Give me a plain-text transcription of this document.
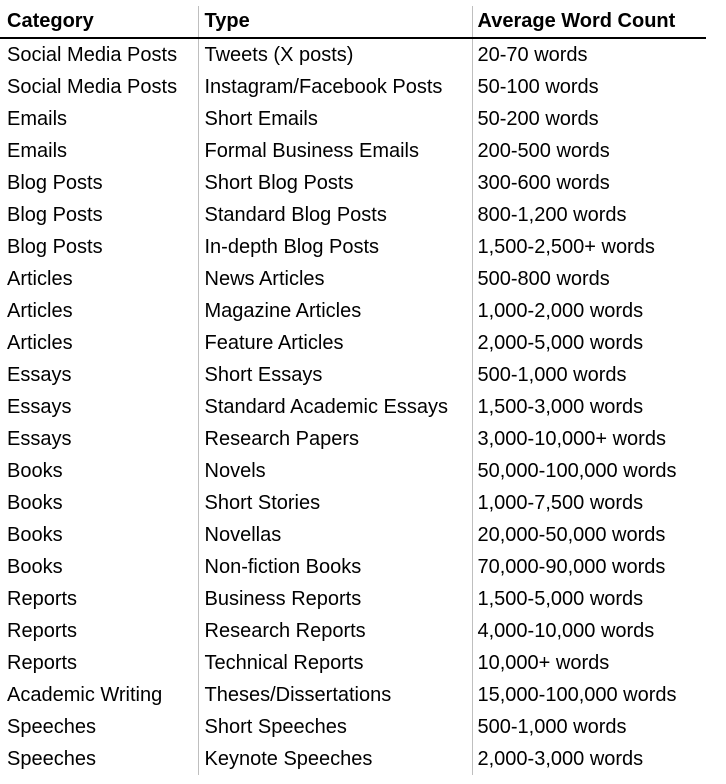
Category	Type	Average Word Count
Social Media Posts	Tweets (X posts)	20-70 words
Social Media Posts	Instagram/Facebook Posts	50-100 words
Emails	Short Emails	50-200 words
Emails	Formal Business Emails	200-500 words
Blog Posts	Short Blog Posts	300-600 words
Blog Posts	Standard Blog Posts	800-1,200 words
Blog Posts	In-depth Blog Posts	1,500-2,500+ words
Articles	News Articles	500-800 words
Articles	Magazine Articles	1,000-2,000 words
Articles	Feature Articles	2,000-5,000 words
Essays	Short Essays	500-1,000 words
Essays	Standard Academic Essays	1,500-3,000 words
Essays	Research Papers	3,000-10,000+ words
Books	Novels	50,000-100,000 words
Books	Short Stories	1,000-7,500 words
Books	Novellas	20,000-50,000 words
Books	Non-fiction Books	70,000-90,000 words
Reports	Business Reports	1,500-5,000 words
Reports	Research Reports	4,000-10,000 words
Reports	Technical Reports	10,000+ words
Academic Writing	Theses/Dissertations	15,000-100,000 words
Speeches	Short Speeches	500-1,000 words
Speeches	Keynote Speeches	2,000-3,000 words
